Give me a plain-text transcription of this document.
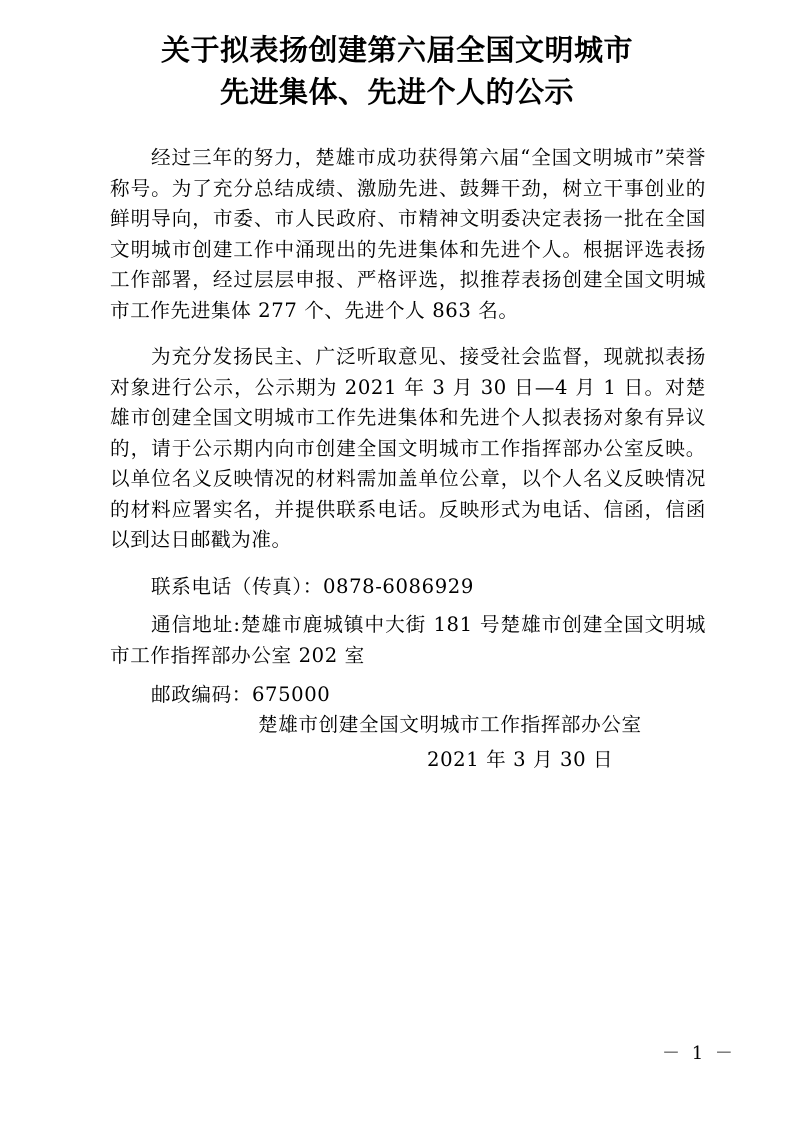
关于拟表扬创建第六届全国文明城市
先进集体、先进个人的公示

经过三年的努力，楚雄市成功获得第六届“全国文明城市”荣誉称号。为了充分总结成绩、激励先进、鼓舞干劲，树立干事创业的鲜明导向，市委、市人民政府、市精神文明委决定表扬一批在全国文明城市创建工作中涌现出的先进集体和先进个人。根据评选表扬工作部署，经过层层申报、严格评选，拟推荐表扬创建全国文明城市工作先进集体 277 个、先进个人 863 名。

为充分发扬民主、广泛听取意见、接受社会监督，现就拟表扬对象进行公示，公示期为 2021 年 3 月 30 日—4 月 1 日。对楚雄市创建全国文明城市工作先进集体和先进个人拟表扬对象有异议的，请于公示期内向市创建全国文明城市工作指挥部办公室反映。以单位名义反映情况的材料需加盖单位公章，以个人名义反映情况的材料应署实名，并提供联系电话。反映形式为电话、信函，信函以到达日邮戳为准。

联系电话（传真）：0878-6086929

通信地址:楚雄市鹿城镇中大街 181 号楚雄市创建全国文明城市工作指挥部办公室 202 室

邮政编码：675000

楚雄市创建全国文明城市工作指挥部办公室

2021 年 3 月 30 日

－ 1 －
